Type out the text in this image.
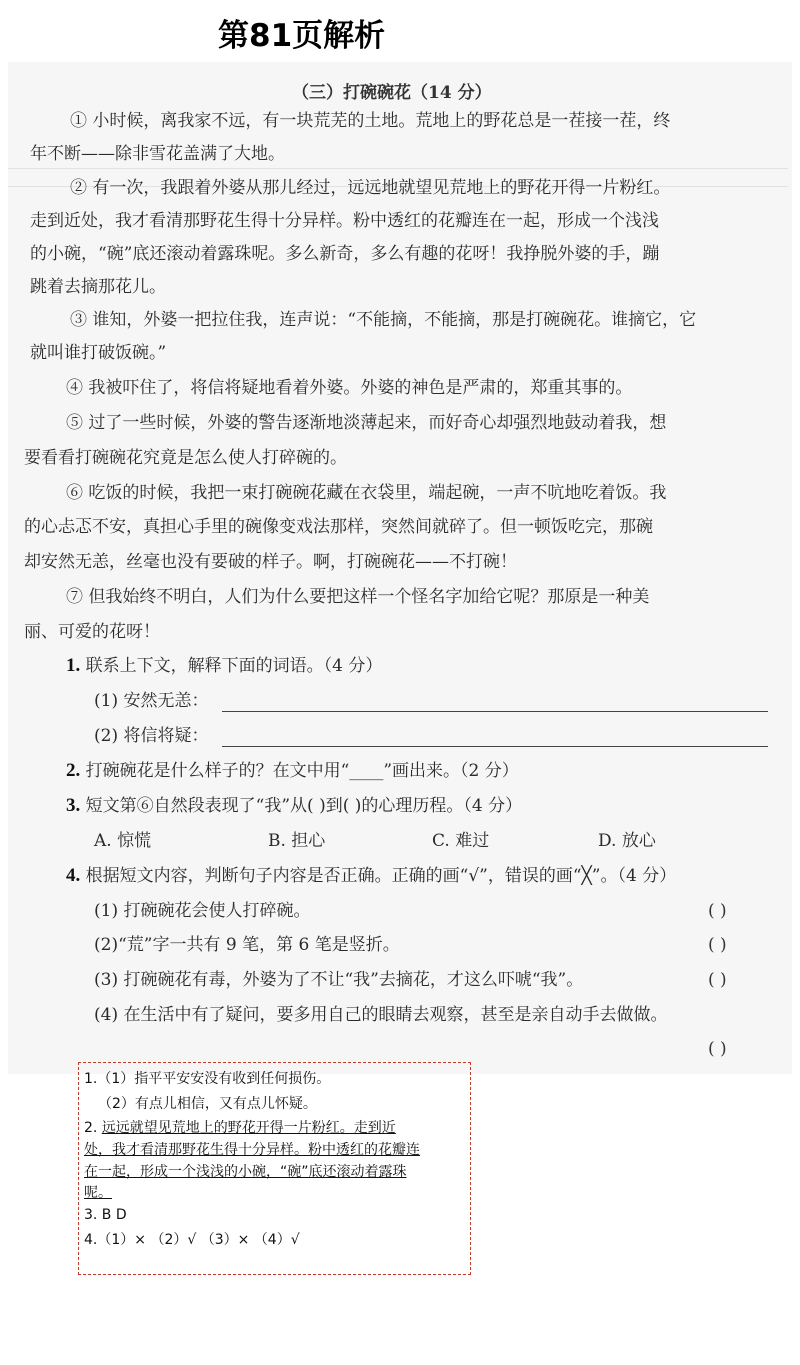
第81页解析
（三）打碗碗花（14 分）
① 小时候，离我家不远，有一块荒芜的土地。荒地上的野花总是一茬接一茬，终
年不断——除非雪花盖满了大地。
② 有一次，我跟着外婆从那儿经过，远远地就望见荒地上的野花开得一片粉红。
走到近处，我才看清那野花生得十分异样。粉中透红的花瓣连在一起，形成一个浅浅
的小碗，“碗”底还滚动着露珠呢。多么新奇，多么有趣的花呀！我挣脱外婆的手，蹦
跳着去摘那花儿。
③ 谁知，外婆一把拉住我，连声说：“不能摘，不能摘，那是打碗碗花。谁摘它，它
就叫谁打破饭碗。”
④ 我被吓住了，将信将疑地看着外婆。外婆的神色是严肃的，郑重其事的。
⑤ 过了一些时候，外婆的警告逐渐地淡薄起来，而好奇心却强烈地鼓动着我，想
要看看打碗碗花究竟是怎么使人打碎碗的。
⑥ 吃饭的时候，我把一束打碗碗花藏在衣袋里，端起碗，一声不吭地吃着饭。我
的心忐忑不安，真担心手里的碗像变戏法那样，突然间就碎了。但一顿饭吃完，那碗
却安然无恙，丝毫也没有要破的样子。啊，打碗碗花——不打碗！
⑦ 但我始终不明白，人们为什么要把这样一个怪名字加给它呢？那原是一种美
丽、可爱的花呀！
1. 联系上下文，解释下面的词语。（4 分）
(1) 安然无恙：
(2) 将信将疑：
2. 打碗碗花是什么样子的？在文中用“____”画出来。（2 分）
3. 短文第⑥自然段表现了“我”从( )到( )的心理历程。（4 分）
A. 惊慌	B. 担心	C. 难过	D. 放心
4. 根据短文内容，判断句子内容是否正确。正确的画“√”，错误的画“╳”。（4 分）
(1) 打碗碗花会使人打碎碗。	( )
(2)“荒”字一共有 9 笔，第 6 笔是竖折。	( )
(3) 打碗碗花有毒，外婆为了不让“我”去摘花，才这么吓唬“我”。	( )
(4) 在生活中有了疑问，要多用自己的眼睛去观察，甚至是亲自动手去做做。
( )
1.（1）指平平安安没有收到任何损伤。
（2）有点儿相信，又有点儿怀疑。
2. 远远就望见荒地上的野花开得一片粉红。走到近
处，我才看清那野花生得十分异样。粉中透红的花瓣连
在一起，形成一个浅浅的小碗，“碗”底还滚动着露珠
呢。
3. B D
4.（1）× （2）√ （3）× （4）√
